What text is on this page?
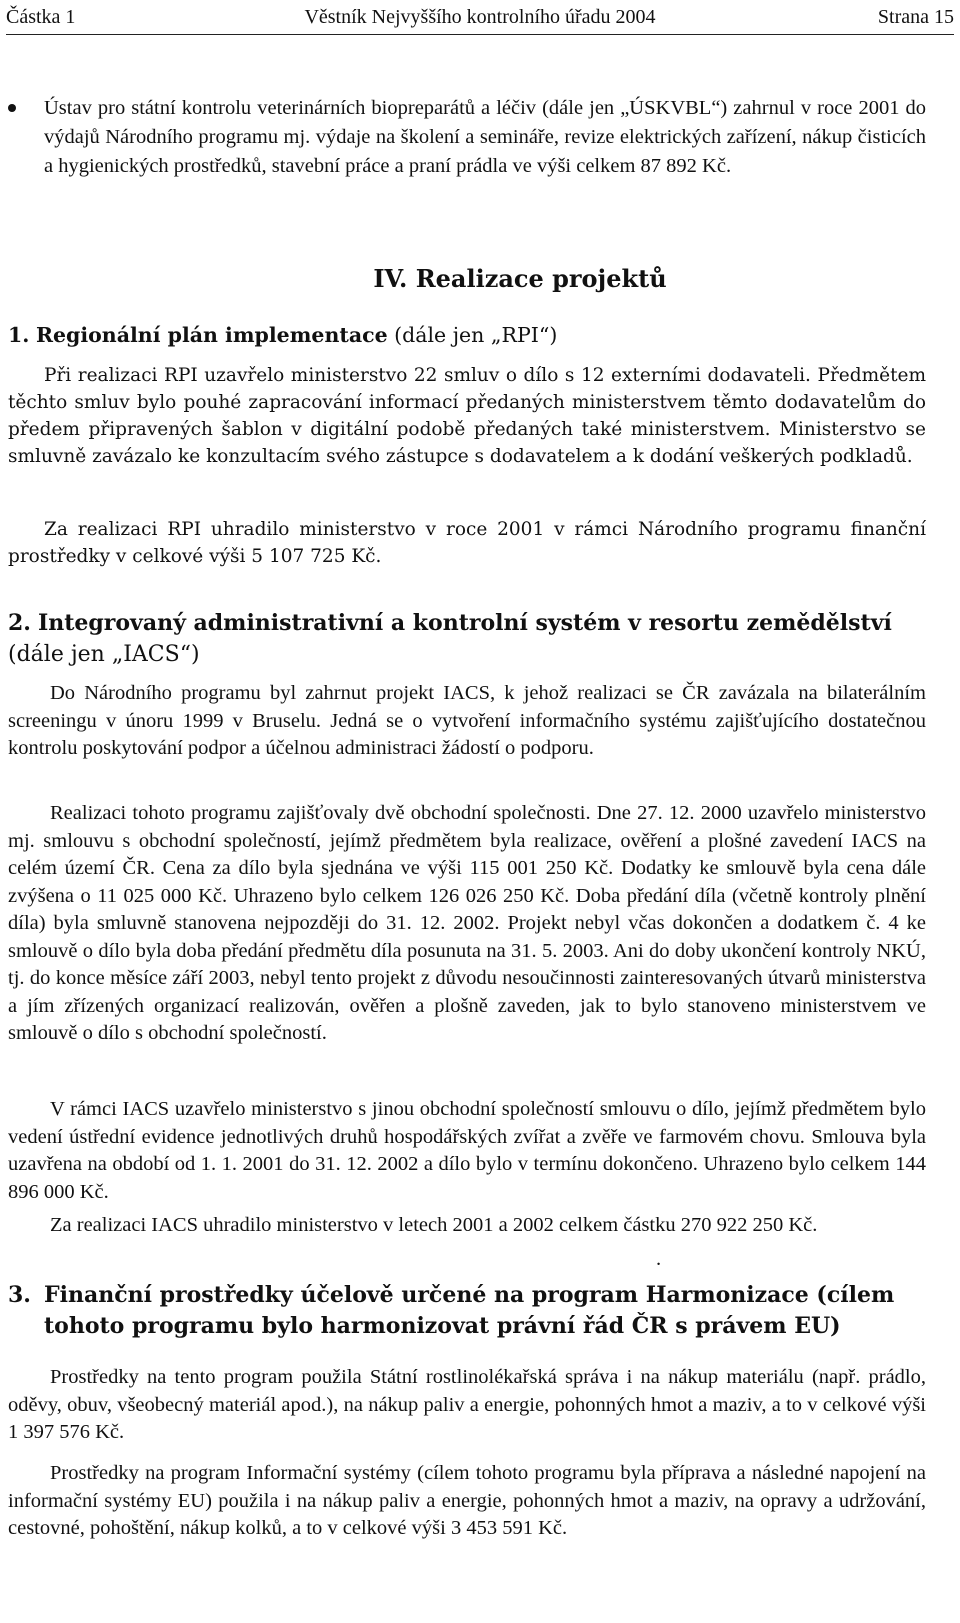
Částka 1	Věstník Nejvyššího kontrolního úřadu 2004	Strana 15

Ústav pro státní kontrolu veterinárních biopreparátů a léčiv (dále jen „ÚSKVBL“) zahrnul v roce 2001 do výdajů Národního programu mj. výdaje na školení a semináře, revize elektrických zařízení, nákup čisticích a hygienických prostředků, stavební práce a praní prádla ve výši celkem 87 892 Kč.

IV. Realizace projektů
1. Regionální plán implementace (dále jen „RPI“)

Při realizaci RPI uzavřelo ministerstvo 22 smluv o dílo s 12 externími dodavateli. Předmětem těchto smluv bylo pouhé zapracování informací předaných ministerstvem těmto dodavatelům do předem připravených šablon v digitální podobě předaných také ministerstvem. Ministerstvo se smluvně zavázalo ke konzultacím svého zástupce s dodavatelem a k dodání veškerých podkladů.

Za realizaci RPI uhradilo ministerstvo v roce 2001 v rámci Národního programu finanční prostředky v celkové výši 5 107 725 Kč.

2. Integrovaný administrativní a kontrolní systém v resortu zemědělství (dále jen „IACS“)

Do Národního programu byl zahrnut projekt IACS, k jehož realizaci se ČR zavázala na bilaterálním screeningu v únoru 1999 v Bruselu. Jedná se o vytvoření informačního systému zajišťujícího dostatečnou kontrolu poskytování podpor a účelnou administraci žádostí o podporu.

Realizaci tohoto programu zajišťovaly dvě obchodní společnosti. Dne 27. 12. 2000 uzavřelo ministerstvo mj. smlouvu s obchodní společností, jejímž předmětem byla realizace, ověření a plošné zavedení IACS na celém území ČR. Cena za dílo byla sjednána ve výši 115 001 250 Kč. Dodatky ke smlouvě byla cena dále zvýšena o 11 025 000 Kč. Uhrazeno bylo celkem 126 026 250 Kč. Doba předání díla (včetně kontroly plnění díla) byla smluvně stanovena nejpozději do 31. 12. 2002. Projekt nebyl včas dokončen a dodatkem č. 4 ke smlouvě o dílo byla doba předání předmětu díla posunuta na 31. 5. 2003. Ani do doby ukončení kontroly NKÚ, tj. do konce měsíce září 2003, nebyl tento projekt z důvodu nesoučinnosti zainteresovaných útvarů ministerstva a jím zřízených organizací realizován, ověřen a plošně zaveden, jak to bylo stanoveno ministerstvem ve smlouvě o dílo s obchodní společností.

V rámci IACS uzavřelo ministerstvo s jinou obchodní společností smlouvu o dílo, jejímž předmětem bylo vedení ústřední evidence jednotlivých druhů hospodářských zvířat a zvěře ve farmovém chovu. Smlouva byla uzavřena na období od 1. 1. 2001 do 31. 12. 2002 a dílo bylo v termínu dokončeno. Uhrazeno bylo celkem 144 896 000 Kč.

Za realizaci IACS uhradilo ministerstvo v letech 2001 a 2002 celkem částku 270 922 250 Kč.

.
3. Finanční prostředky účelově určené na program Harmonizace (cílem tohoto programu bylo harmonizovat právní řád ČR s právem EU)

Prostředky na tento program použila Státní rostlinolékařská správa i na nákup materiálu (např. prádlo, oděvy, obuv, všeobecný materiál apod.), na nákup paliv a energie, pohonných hmot a maziv, a to v celkové výši 1 397 576 Kč.

Prostředky na program Informační systémy (cílem tohoto programu byla příprava a následné napojení na informační systémy EU) použila i na nákup paliv a energie, pohonných hmot a maziv, na opravy a udržování, cestovné, pohoštění, nákup kolků, a to v celkové výši 3 453 591 Kč.
